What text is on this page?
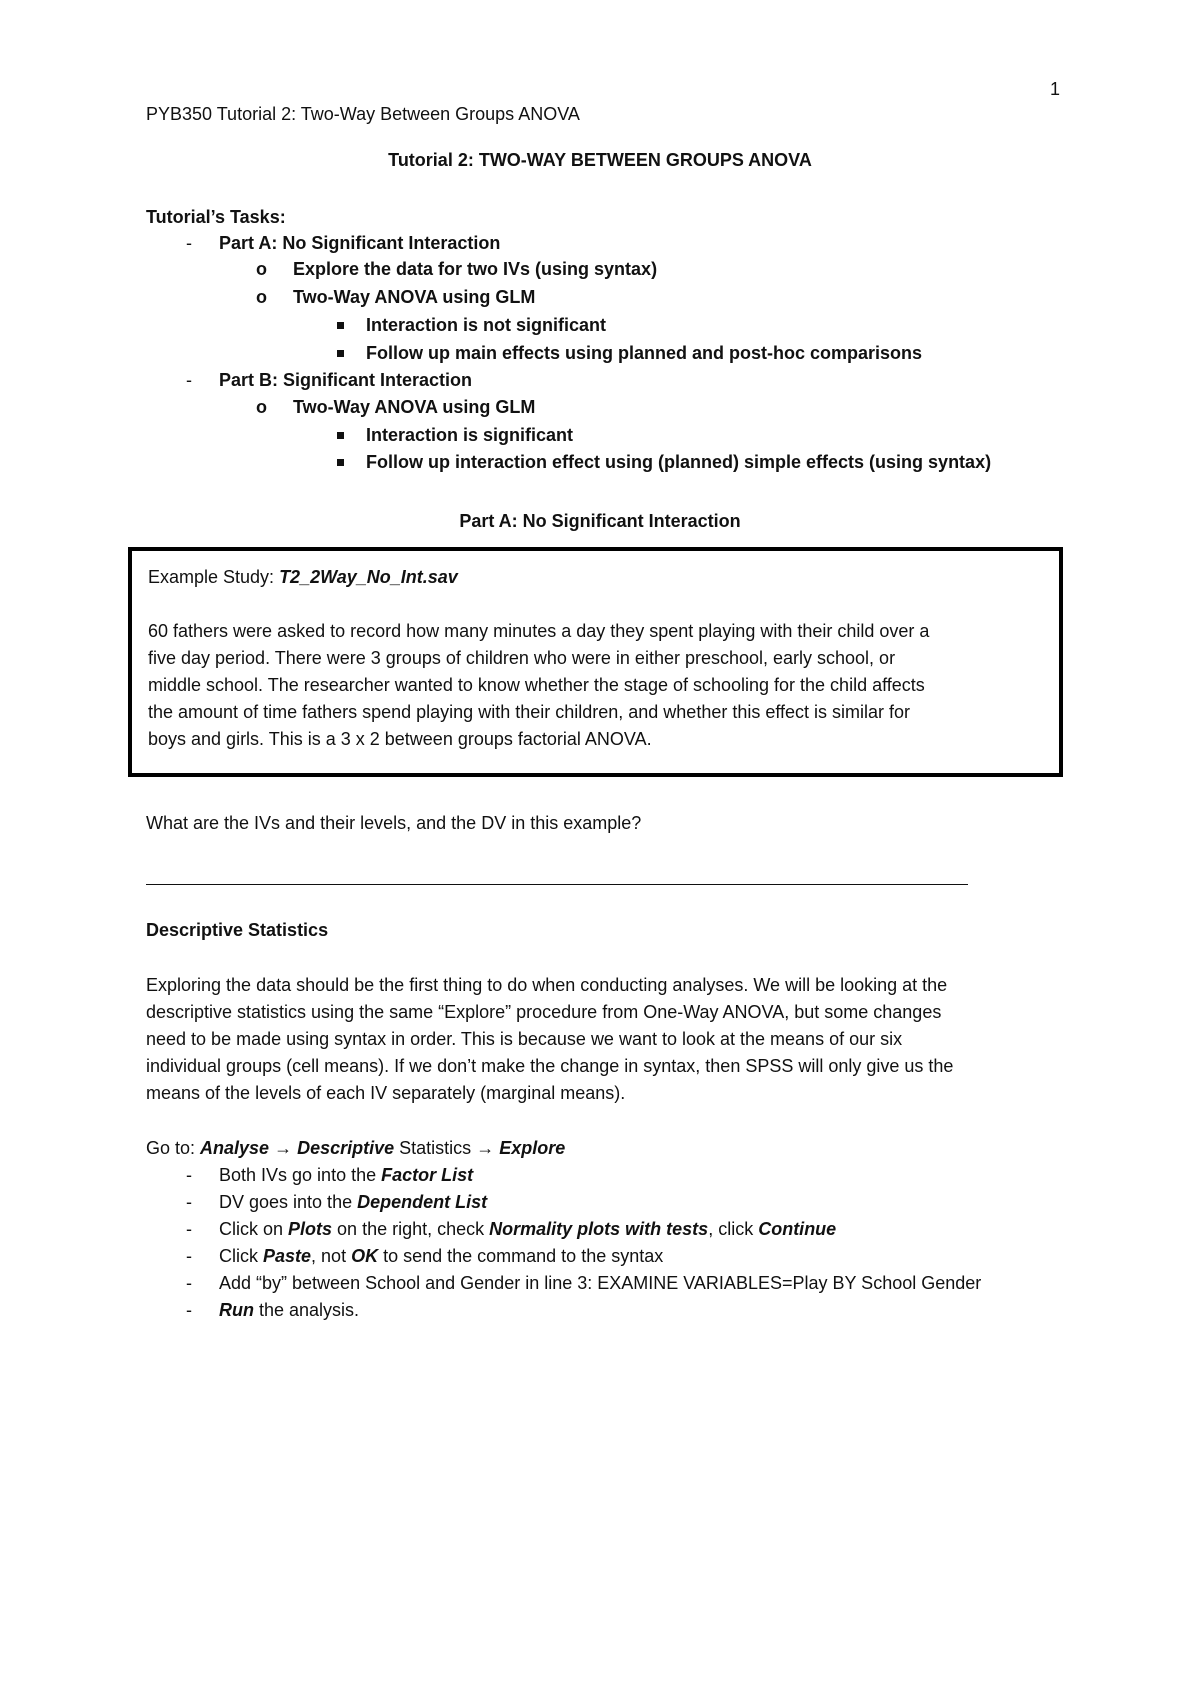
1
PYB350 Tutorial 2: Two-Way Between Groups ANOVA
Tutorial 2: TWO-WAY BETWEEN GROUPS ANOVA
Tutorial’s Tasks:
- Part A: No Significant Interaction
o Explore the data for two IVs (using syntax)
o Two-Way ANOVA using GLM
Interaction is not significant
Follow up main effects using planned and post-hoc comparisons
- Part B: Significant Interaction
o Two-Way ANOVA using GLM
Interaction is significant
Follow up interaction effect using (planned) simple effects (using syntax)
Part A: No Significant Interaction
Example Study: T2_2Way_No_Int.sav
60 fathers were asked to record how many minutes a day they spent playing with their child over a
five day period. There were 3 groups of children who were in either preschool, early school, or
middle school. The researcher wanted to know whether the stage of schooling for the child affects
the amount of time fathers spend playing with their children, and whether this effect is similar for
boys and girls. This is a 3 x 2 between groups factorial ANOVA.
What are the IVs and their levels, and the DV in this example?
Descriptive Statistics
Exploring the data should be the first thing to do when conducting analyses. We will be looking at the
descriptive statistics using the same “Explore” procedure from One-Way ANOVA, but some changes
need to be made using syntax in order. This is because we want to look at the means of our six
individual groups (cell means). If we don’t make the change in syntax, then SPSS will only give us the
means of the levels of each IV separately (marginal means).
Go to: Analyse → Descriptive Statistics → Explore
- Both IVs go into the Factor List
- DV goes into the Dependent List
- Click on Plots on the right, check Normality plots with tests, click Continue
- Click Paste, not OK to send the command to the syntax
- Add “by” between School and Gender in line 3: EXAMINE VARIABLES=Play BY School Gender
- Run the analysis.
